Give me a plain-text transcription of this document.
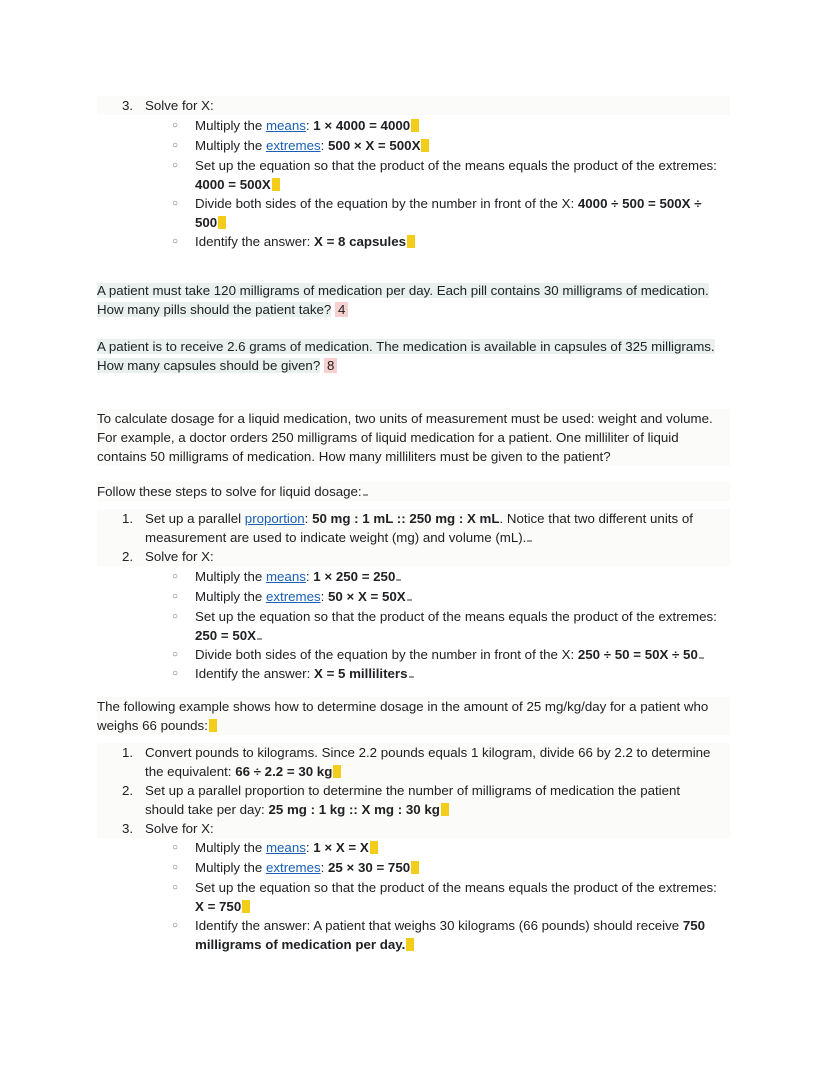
3. Solve for X:
○ Multiply the means: 1 × 4000 = 4000
○ Multiply the extremes: 500 × X = 500X
○ Set up the equation so that the product of the means equals the product of the extremes:
4000 = 500X
○ Divide both sides of the equation by the number in front of the X: 4000 ÷ 500 = 500X ÷
500
○ Identify the answer: X = 8 capsules
A patient must take 120 milligrams of medication per day. Each pill contains 30 milligrams of medication.
How many pills should the patient take? 4
A patient is to receive 2.6 grams of medication. The medication is available in capsules of 325 milligrams.
How many capsules should be given? 8
To calculate dosage for a liquid medication, two units of measurement must be used: weight and volume.
For example, a doctor orders 250 milligrams of liquid medication for a patient. One milliliter of liquid
contains 50 milligrams of medication. How many milliliters must be given to the patient?
Follow these steps to solve for liquid dosage:
1. Set up a parallel proportion: 50 mg : 1 mL :: 250 mg : X mL. Notice that two different units of
measurement are used to indicate weight (mg) and volume (mL).
2. Solve for X:
○ Multiply the means: 1 × 250 = 250
○ Multiply the extremes: 50 × X = 50X
○ Set up the equation so that the product of the means equals the product of the extremes:
250 = 50X
○ Divide both sides of the equation by the number in front of the X: 250 ÷ 50 = 50X ÷ 50
○ Identify the answer: X = 5 milliliters
The following example shows how to determine dosage in the amount of 25 mg/kg/day for a patient who
weighs 66 pounds:
1. Convert pounds to kilograms. Since 2.2 pounds equals 1 kilogram, divide 66 by 2.2 to determine
the equivalent: 66 ÷ 2.2 = 30 kg
2. Set up a parallel proportion to determine the number of milligrams of medication the patient
should take per day: 25 mg : 1 kg :: X mg : 30 kg
3. Solve for X:
○ Multiply the means: 1 × X = X
○ Multiply the extremes: 25 × 30 = 750
○ Set up the equation so that the product of the means equals the product of the extremes:
X = 750
○ Identify the answer: A patient that weighs 30 kilograms (66 pounds) should receive 750
milligrams of medication per day.
